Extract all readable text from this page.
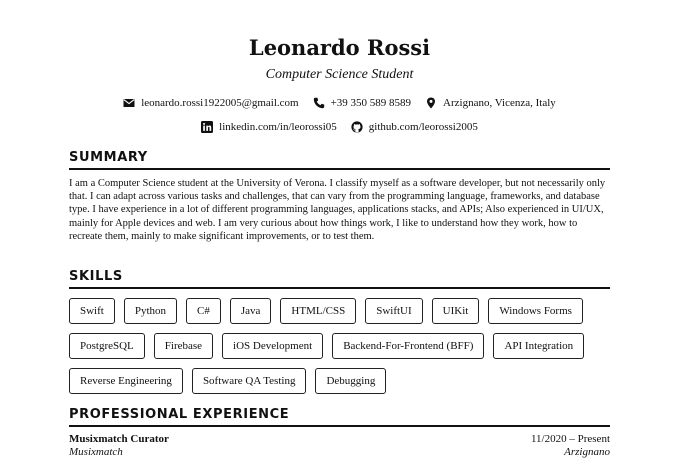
Leonardo Rossi
Computer Science Student
leonardo.rossi1922005@gmail.com	+39 350 589 8589	Arzignano, Vicenza, Italy
linkedin.com/in/leorossi05	github.com/leorossi2005
SUMMARY
I am a Computer Science student at the University of Verona. I classify myself as a software developer, but not necessarily only that. I can adapt across various tasks and challenges, that can vary from the programming language, frameworks, and database type. I have experience in a lot of different programming languages, applications stacks, and APIs; Also experienced in UI/UX, mainly for Apple devices and web. I am very curious about how things work, I like to understand how they work, how to recreate them, mainly to make significant improvements, or to test them.
SKILLS
Swift	Python	C#	Java	HTML/CSS	SwiftUI	UIKit	Windows Forms
PostgreSQL	Firebase	iOS Development	Backend-For-Frontend (BFF)	API Integration
Reverse Engineering	Software QA Testing	Debugging
PROFESSIONAL EXPERIENCE
Musixmatch Curator	11/2020 – Present
Musixmatch	Arzignano
